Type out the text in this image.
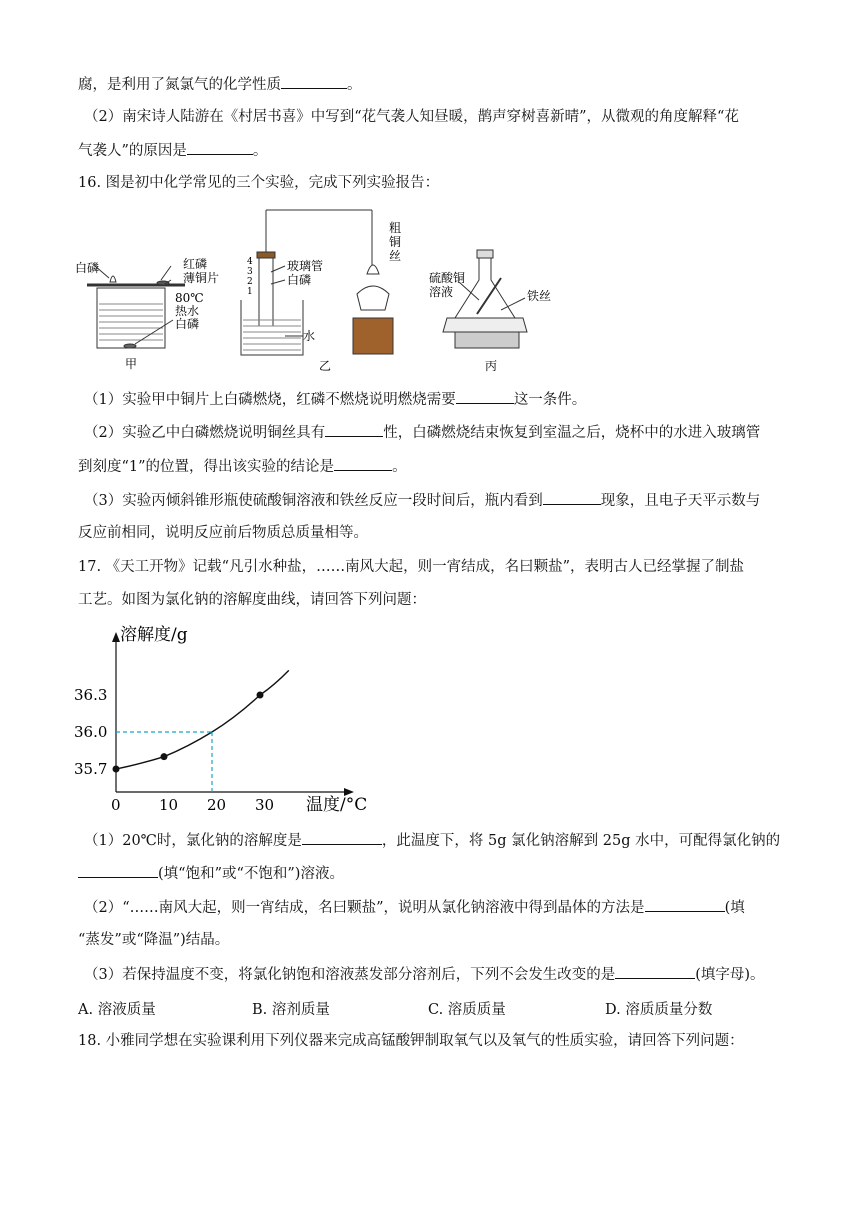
腐，是利用了氮氯气的化学性质	。
（2）南宋诗人陆游在《村居书喜》中写到“花气袭人知昼暖，鹊声穿树喜新晴”，从微观的角度解释“花
气袭人”的原因是	。
16. 图是初中化学常见的三个实验，完成下列实验报告：
白磷	红磷
薄铜片
80℃
热水
白磷
甲
4
3
2
1
玻璃管
白磷
水
乙
粗
铜
丝
硫酸铜
溶液	铁丝
丙
（1）实验甲中铜片上白磷燃烧，红磷不燃烧说明燃烧需要	这一条件。
（2）实验乙中白磷燃烧说明铜丝具有	性，白磷燃烧结束恢复到室温之后，烧杯中的水进入玻璃管
到刻度“1”的位置，得出该实验的结论是	。
（3）实验丙倾斜锥形瓶使硫酸铜溶液和铁丝反应一段时间后，瓶内看到	现象，且电子天平示数与
反应前相同，说明反应前后物质总质量相等。
17. 《天工开物》记载“凡引水种盐，……南风大起，则一宵结成，名曰颗盐”，表明古人已经掌握了制盐
工艺。如图为氯化钠的溶解度曲线，请回答下列问题：
溶解度/g
温度/°C
0	10 20 30
35.7
36.0
36.3
（1）20℃时，氯化钠的溶解度是	，此温度下，将 5g 氯化钠溶解到 25g 水中，可配得氯化钠的
(填“饱和”或“不饱和”)溶液。
（2）“……南风大起，则一宵结成，名曰颗盐”，说明从氯化钠溶液中得到晶体的方法是	(填
“蒸发”或“降温”)结晶。
（3）若保持温度不变，将氯化钠饱和溶液蒸发部分溶剂后，下列不会发生改变的是	(填字母)。
A. 溶液质量	B. 溶剂质量	C. 溶质质量	D. 溶质质量分数
18. 小雅同学想在实验课利用下列仪器来完成高锰酸钾制取氧气以及氧气的性质实验，请回答下列问题：
